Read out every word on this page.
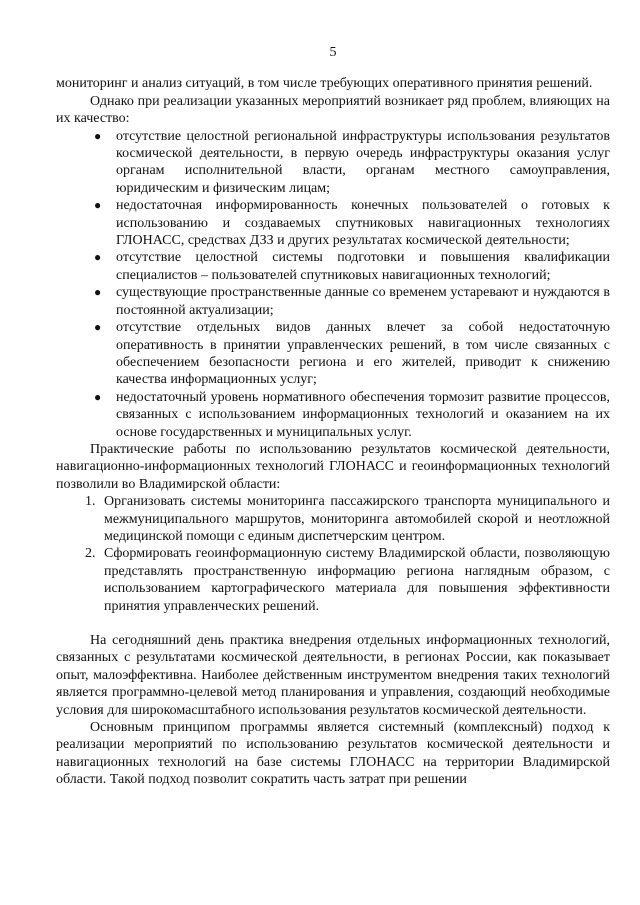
5

мониторинг и анализ ситуаций, в том числе требующих оперативного принятия решений.

Однако при реализации указанных мероприятий возникает ряд проблем, влияющих на их качество:

● отсутствие целостной региональной инфраструктуры использования результатов космической деятельности, в первую очередь инфраструктуры оказания услуг органам исполнительной власти, органам местного самоуправления, юридическим и физическим лицам;
● недостаточная информированность конечных пользователей о готовых к использованию и создаваемых спутниковых навигационных технологиях ГЛОНАСС, средствах ДЗЗ и других результатах космической деятельности;
● отсутствие целостной системы подготовки и повышения квалификации специалистов – пользователей спутниковых навигационных технологий;
● существующие пространственные данные со временем устаревают и нуждаются в постоянной актуализации;
● отсутствие отдельных видов данных влечет за собой недостаточную оперативность в принятии управленческих решений, в том числе связанных с обеспечением безопасности региона и его жителей, приводит к снижению качества информационных услуг;
● недостаточный уровень нормативного обеспечения тормозит развитие процессов, связанных с использованием информационных технологий и оказанием на их основе государственных и муниципальных услуг.

Практические работы по использованию результатов космической деятельности, навигационно-информационных технологий ГЛОНАСС и геоинформационных технологий позволили во Владимирской области:

1. Организовать системы мониторинга пассажирского транспорта муниципального и межмуниципального маршрутов, мониторинга автомобилей скорой и неотложной медицинской помощи с единым диспетчерским центром.
2. Сформировать геоинформационную систему Владимирской области, позволяющую представлять пространственную информацию региона наглядным образом, с использованием картографического материала для повышения эффективности принятия управленческих решений.

На сегодняшний день практика внедрения отдельных информационных технологий, связанных с результатами космической деятельности, в регионах России, как показывает опыт, малоэффективна. Наиболее действенным инструментом внедрения таких технологий является программно-целевой метод планирования и управления, создающий необходимые условия для широкомасштабного использования результатов космической деятельности.

Основным принципом программы является системный (комплексный) подход к реализации мероприятий по использованию результатов космической деятельности и навигационных технологий на базе системы ГЛОНАСС на территории Владимирской области. Такой подход позволит сократить часть затрат при решении
